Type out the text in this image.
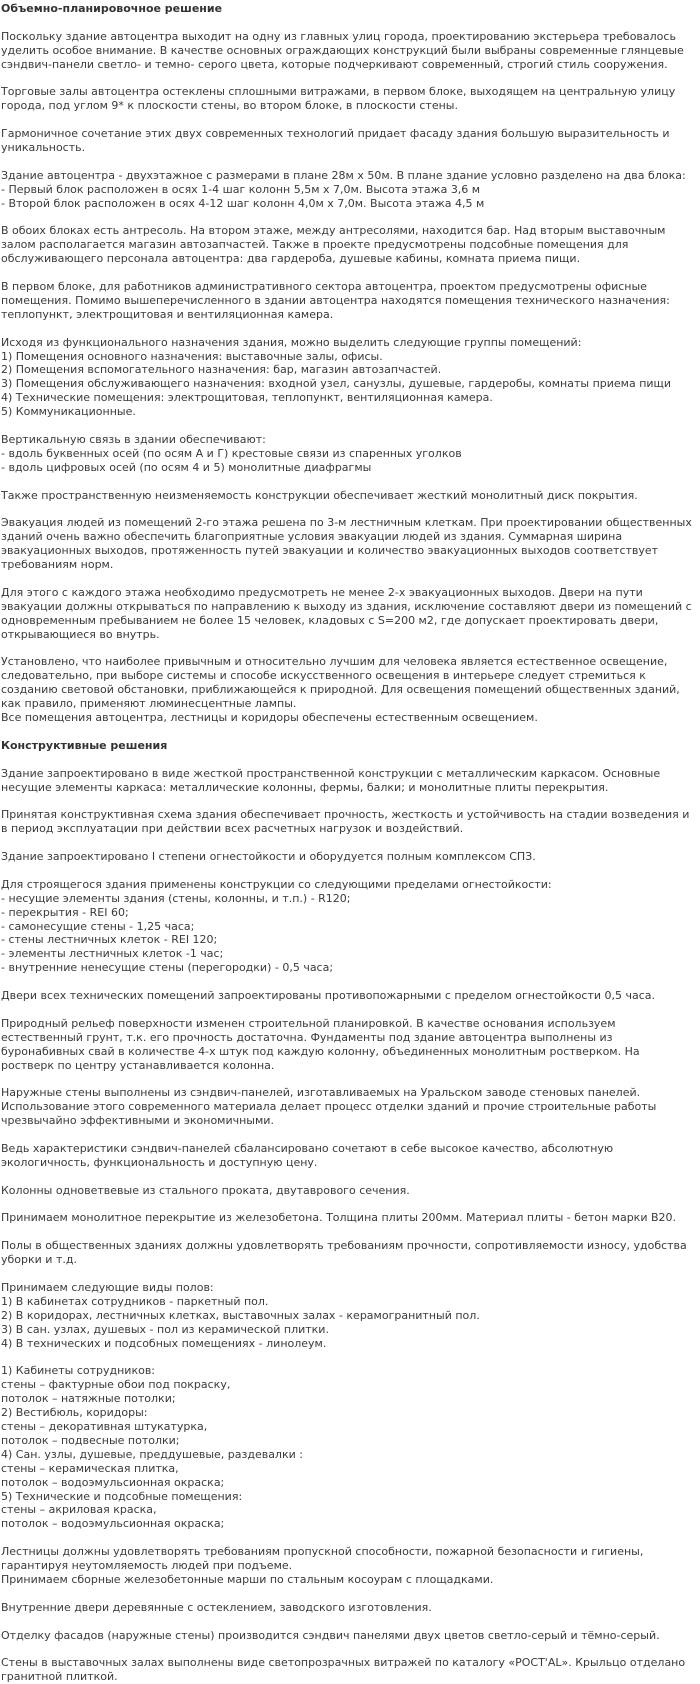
Объемно-планировочное решение

Поскольку здание автоцентра выходит на одну из главных улиц города, проектированию экстерьера требовалось уделить особое внимание. В качестве основных ограждающих конструкций были выбраны современные глянцевые сэндвич-панели светло- и темно- серого цвета, которые подчеркивают современный, строгий стиль сооружения.

Торговые залы автоцентра остеклены сплошными витражами, в первом блоке, выходящем на центральную улицу города, под углом 9* к плоскости стены, во втором блоке, в плоскости стены.

Гармоничное сочетание этих двух современных технологий придает фасаду здания большую выразительность и уникальность.

Здание автоцентра - двухэтажное с размерами в плане 28м х 50м. В плане здание условно разделено на два блока:
- Первый блок расположен в осях 1-4 шаг колонн 5,5м х 7,0м. Высота этажа 3,6 м
- Второй блок расположен в осях 4-12 шаг колонн 4,0м х 7,0м. Высота этажа 4,5 м

В обоих блоках есть антресоль. На втором этаже, между антресолями, находится бар. Над вторым выставочным залом располагается магазин автозапчастей. Также в проекте предусмотрены подсобные помещения для обслуживающего персонала автоцентра: два гардероба, душевые кабины, комната приема пищи.

В первом блоке, для работников административного сектора автоцентра, проектом предусмотрены офисные помещения. Помимо вышеперечисленного в здании автоцентра находятся помещения технического назначения: теплопункт, электрощитовая и вентиляционная камера.

Исходя из функционального назначения здания, можно выделить следующие группы помещений:
1) Помещения основного назначения: выставочные залы, офисы.
2) Помещения вспомогательного назначения: бар, магазин автозапчастей.
3) Помещения обслуживающего назначения: входной узел, санузлы, душевые, гардеробы, комнаты приема пищи
4) Технические помещения: электрощитовая, теплопункт, вентиляционная камера.
5) Коммуникационные.

Вертикальную связь в здании обеспечивают:
- вдоль буквенных осей (по осям А и Г) крестовые связи из спаренных уголков
- вдоль цифровых осей (по осям 4 и 5) монолитные диафрагмы

Также пространственную неизменяемость конструкции обеспечивает жесткий монолитный диск покрытия.

Эвакуация людей из помещений 2-го этажа решена по 3-м лестничным клеткам. При проектировании общественных зданий очень важно обеспечить благоприятные условия эвакуации людей из здания. Суммарная ширина эвакуационных выходов, протяженность путей эвакуации и количество эвакуационных выходов соответствует требованиям норм.

Для этого с каждого этажа необходимо предусмотреть не менее 2-х эвакуационных выходов. Двери на пути эвакуации должны открываться по направлению к выходу из здания, исключение составляют двери из помещений с одновременным пребыванием не более 15 человек, кладовых с S=200 м2, где допускает проектировать двери, открывающиеся во внутрь.

Установлено, что наиболее привычным и относительно лучшим для человека является естественное освещение, следовательно, при выборе системы и способе искусственного освещения в интерьере следует стремиться к созданию световой обстановки, приближающейся к природной. Для освещения помещений общественных зданий, как правило, применяют люминесцентные лампы.
Все помещения автоцентра, лестницы и коридоры обеспечены естественным освещением.

Конструктивные решения

Здание запроектировано в виде жесткой пространственной конструкции с металлическим каркасом. Основные несущие элементы каркаса: металлические колонны, фермы, балки; и монолитные плиты перекрытия.

Принятая конструктивная схема здания обеспечивает прочность, жесткость и устойчивость на стадии возведения и в период эксплуатации при действии всех расчетных нагрузок и воздействий.

Здание запроектировано I степени огнестойкости и оборудуется полным комплексом СПЗ.

Для строящегося здания применены конструкции со следующими пределами огнестойкости:
- несущие элементы здания (стены, колонны, и т.п.) - R120;
- перекрытия - REI 60;
- самонесущие стены - 1,25 часа;
- стены лестничных клеток - REI 120;
- элементы лестничных клеток -1 час;
- внутренние ненесущие стены (перегородки) - 0,5 часа;

Двери всех технических помещений запроектированы противопожарными с пределом огнестойкости 0,5 часа.

Природный рельеф поверхности изменен строительной планировкой. В качестве основания используем естественный грунт, т.к. его прочность достаточна. Фундаменты под здание автоцентра выполнены из буронабивных свай в количестве 4-х штук под каждую колонну, объединенных монолитным ростверком. На ростверк по центру устанавливается колонна.

Наружные стены выполнены из сэндвич-панелей, изготавливаемых на Уральском заводе стеновых панелей. Использование этого современного материала делает процесс отделки зданий и прочие строительные работы чрезвычайно эффективными и экономичными.

Ведь характеристики сэндвич-панелей сбалансировано сочетают в себе высокое качество, абсолютную экологичность, функциональность и доступную цену.

Колонны одноветвевые из стального проката, двутаврового сечения.

Принимаем монолитное перекрытие из железобетона. Толщина плиты 200мм. Материал плиты - бетон марки В20.

Полы в общественных зданиях должны удовлетворять требованиям прочности, сопротивляемости износу, удобства уборки и т.д.

Принимаем следующие виды полов:
1) В кабинетах сотрудников - паркетный пол.
2) В коридорах, лестничных клетках, выставочных залах - керамогранитный пол.
3) В сан. узлах, душевых - пол из керамической плитки.
4) В технических и подсобных помещениях - линолеум.

1) Кабинеты сотрудников:
стены – фактурные обои под покраску,
потолок – натяжные потолки;
2) Вестибюль, коридоры:
стены – декоративная штукатурка,
потолок – подвесные потолки;
4) Сан. узлы, душевые, преддушевые, раздевалки :
стены – керамическая плитка,
потолок – водоэмульсионная окраска;
5) Технические и подсобные помещения:
стены – акриловая краска,
потолок – водоэмульсионная окраска;

Лестницы должны удовлетворять требованиям пропускной способности, пожарной безопасности и гигиены, гарантируя неутомляемость людей при подъеме.
Принимаем сборные железобетонные марши по стальным косоурам с площадками.

Внутренние двери деревянные с остеклением, заводского изготовления.

Отделку фасадов (наружные стены) производится сэндвич панелями двух цветов светло-серый и тёмно-серый.

Стены в выставочных залах выполнены виде светопрозрачных витражей по каталогу «РОСТ'AL». Крыльцо отделано гранитной плиткой.
